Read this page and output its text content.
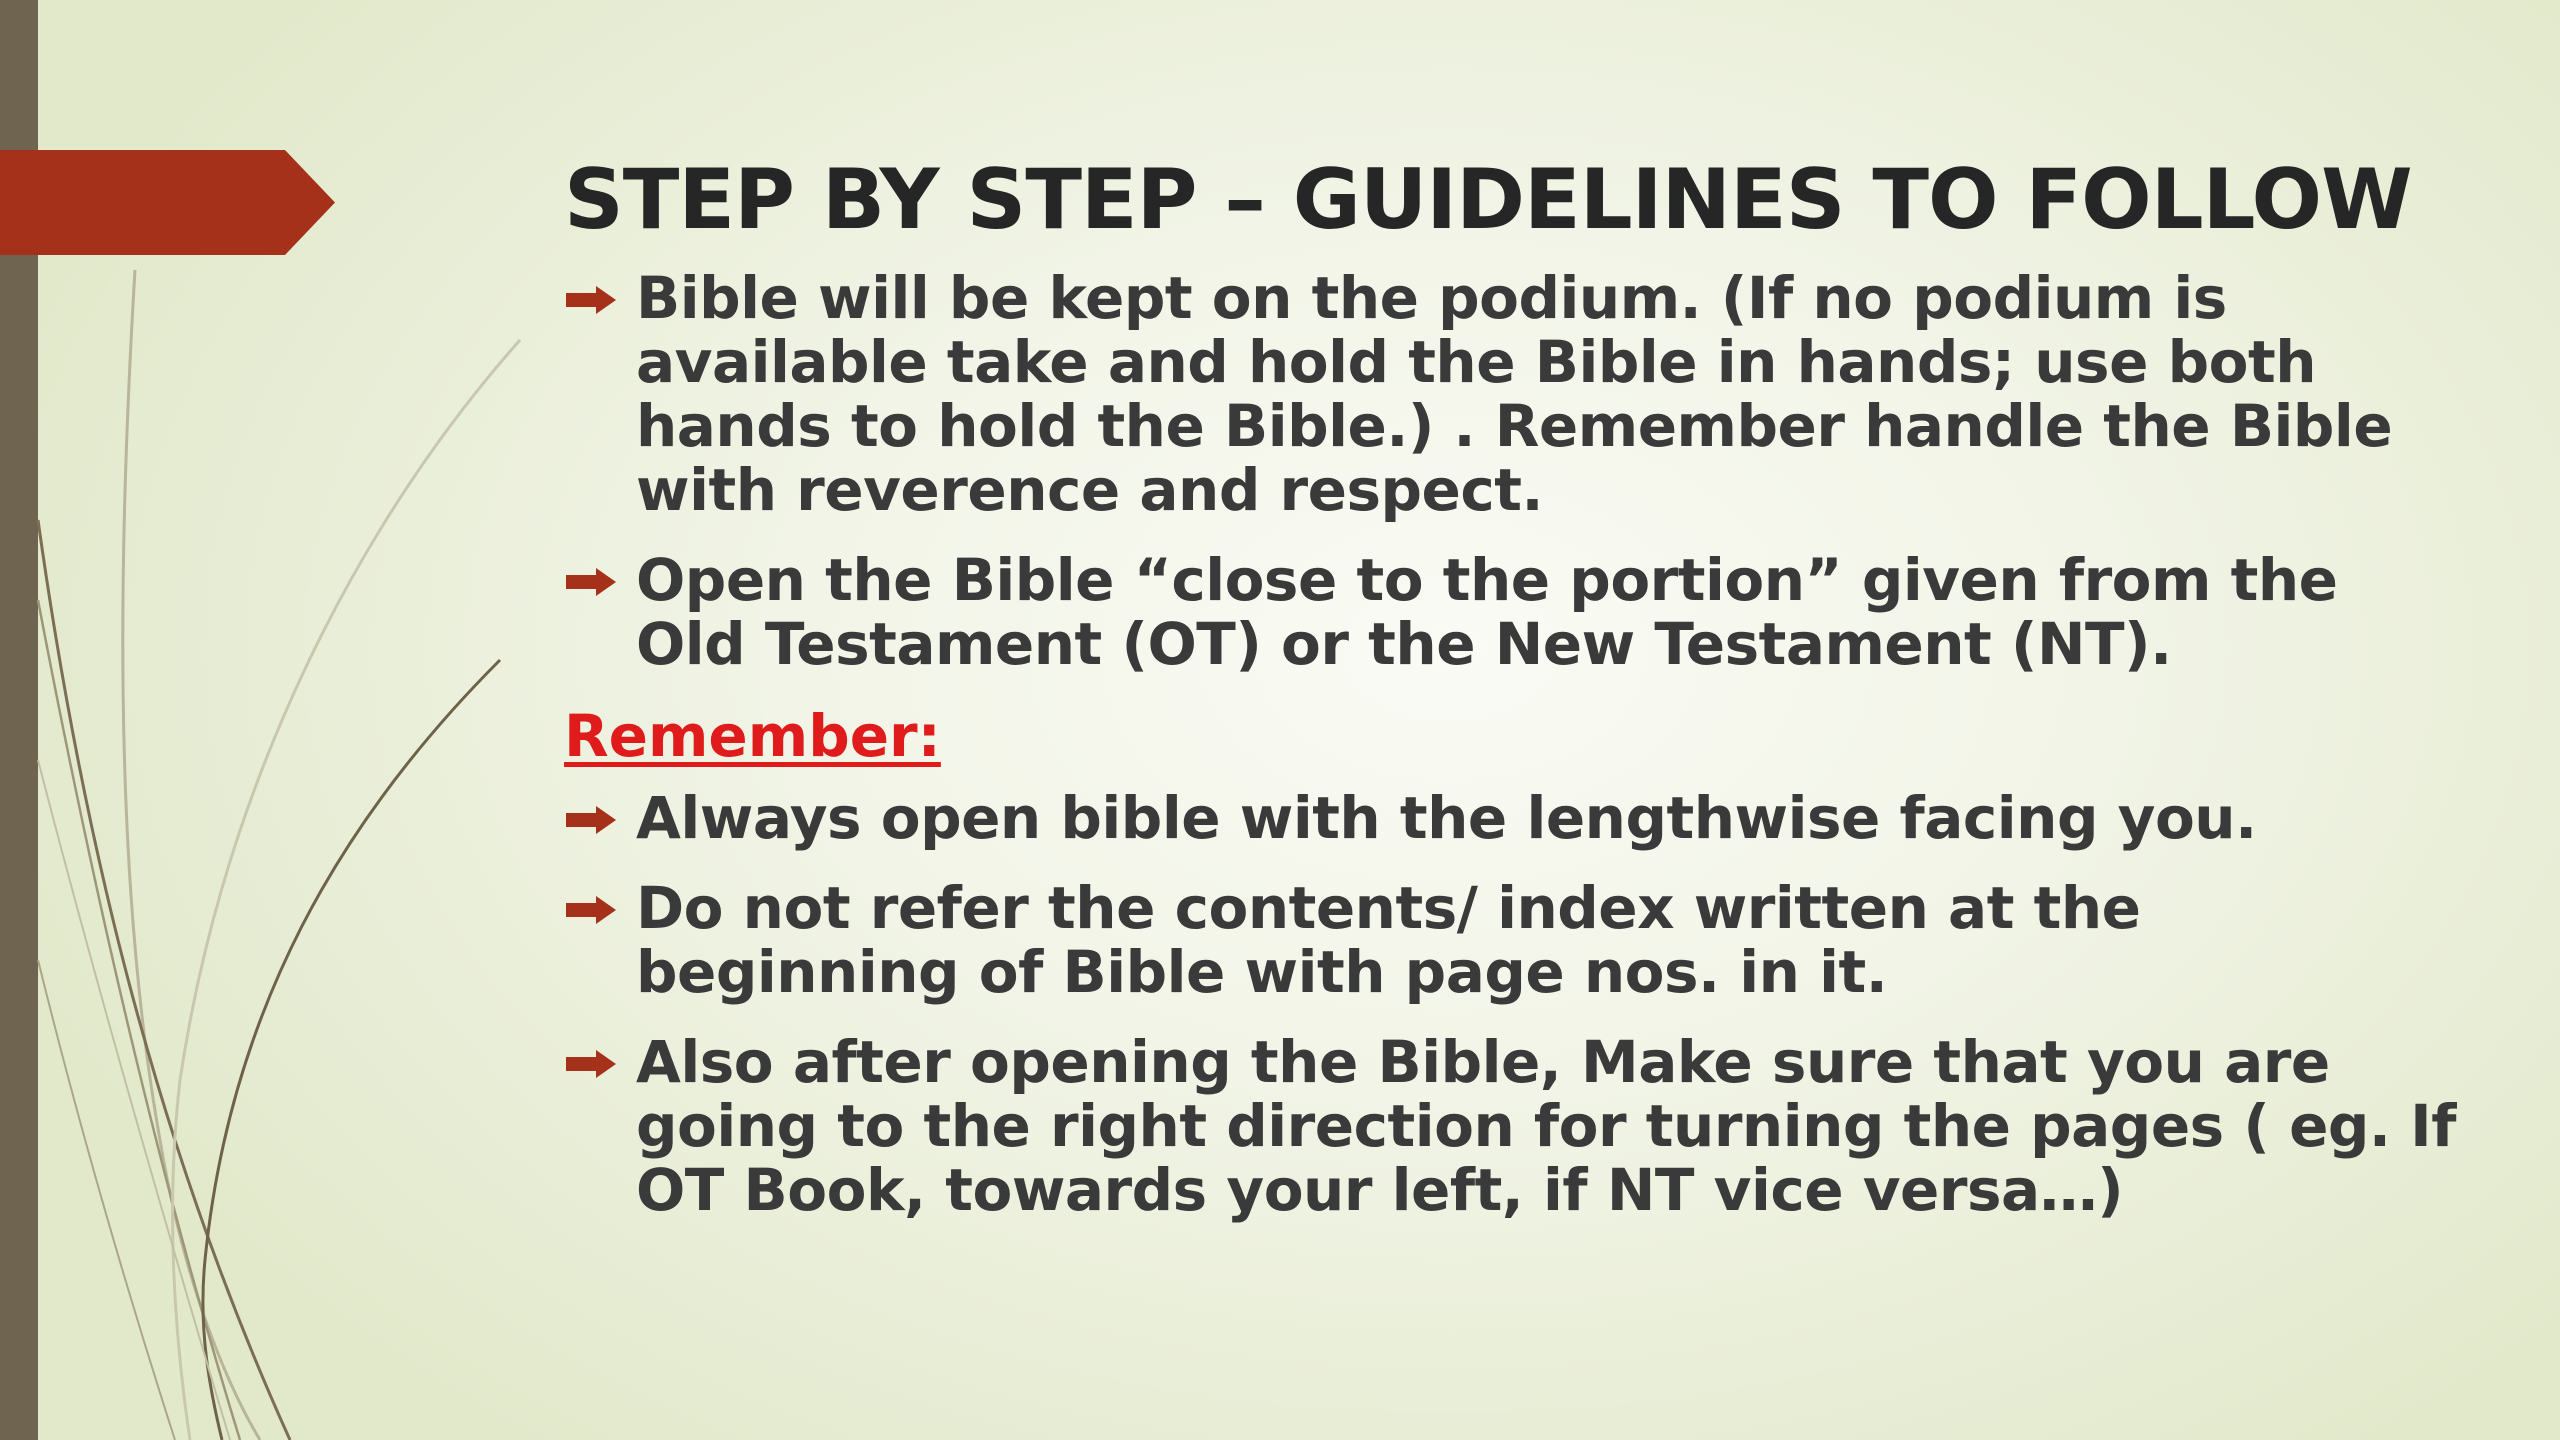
STEP BY STEP – GUIDELINES TO FOLLOW
Bible will be kept on the podium. (If no podium is available take and hold the Bible in hands; use both hands to hold the Bible.) . Remember handle the Bible with reverence and respect.
Open the Bible “close to the portion” given from the Old Testament (OT) or the New Testament (NT).
Remember:
Always open bible with the lengthwise facing you.
Do not refer the contents/ index written at the beginning of Bible with page nos. in it.
Also after opening the Bible, Make sure that you are going to the right direction for turning the pages ( eg. If OT Book, towards your left, if NT vice versa…)
